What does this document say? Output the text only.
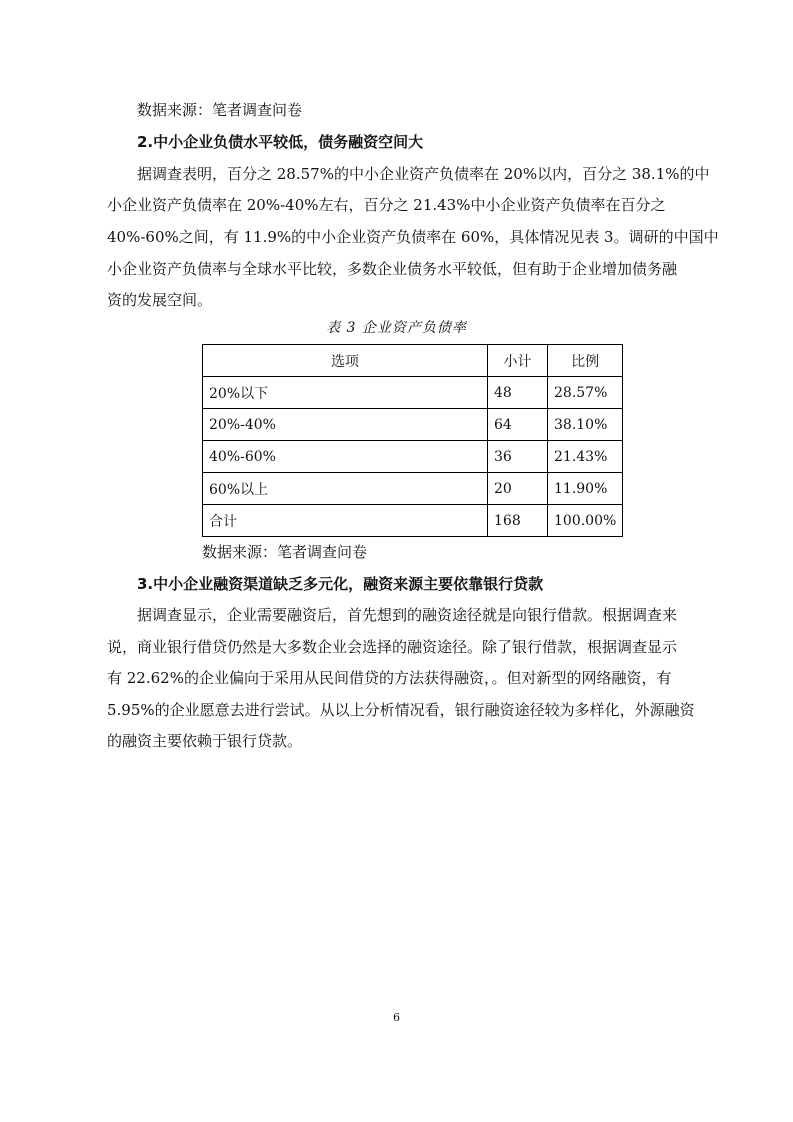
数据来源：笔者调查问卷
2.中小企业负债水平较低，债务融资空间大
据调查表明，百分之 28.57%的中小企业资产负债率在 20%以内，百分之 38.1%的中
小企业资产负债率在 20%-40%左右，百分之 21.43%中小企业资产负债率在百分之
40%-60%之间，有 11.9%的中小企业资产负债率在 60%，具体情况见表 3。调研的中国中
小企业资产负债率与全球水平比较，多数企业债务水平较低，但有助于企业增加债务融
资的发展空间。
表 3 企业资产负债率
选项	小计	比例
20%以下	48	28.57%
20%-40%	64	38.10%
40%-60%	36	21.43%
60%以上	20	11.90%
合计	168	100.00%
数据来源：笔者调查问卷
3.中小企业融资渠道缺乏多元化，融资来源主要依靠银行贷款
据调查显示，企业需要融资后，首先想到的融资途径就是向银行借款。根据调查来
说，商业银行借贷仍然是大多数企业会选择的融资途径。除了银行借款，根据调查显示
有 22.62%的企业偏向于采用从民间借贷的方法获得融资，。但对新型的网络融资，有
5.95%的企业愿意去进行尝试。从以上分析情况看，银行融资途径较为多样化，外源融资
的融资主要依赖于银行贷款。
6
